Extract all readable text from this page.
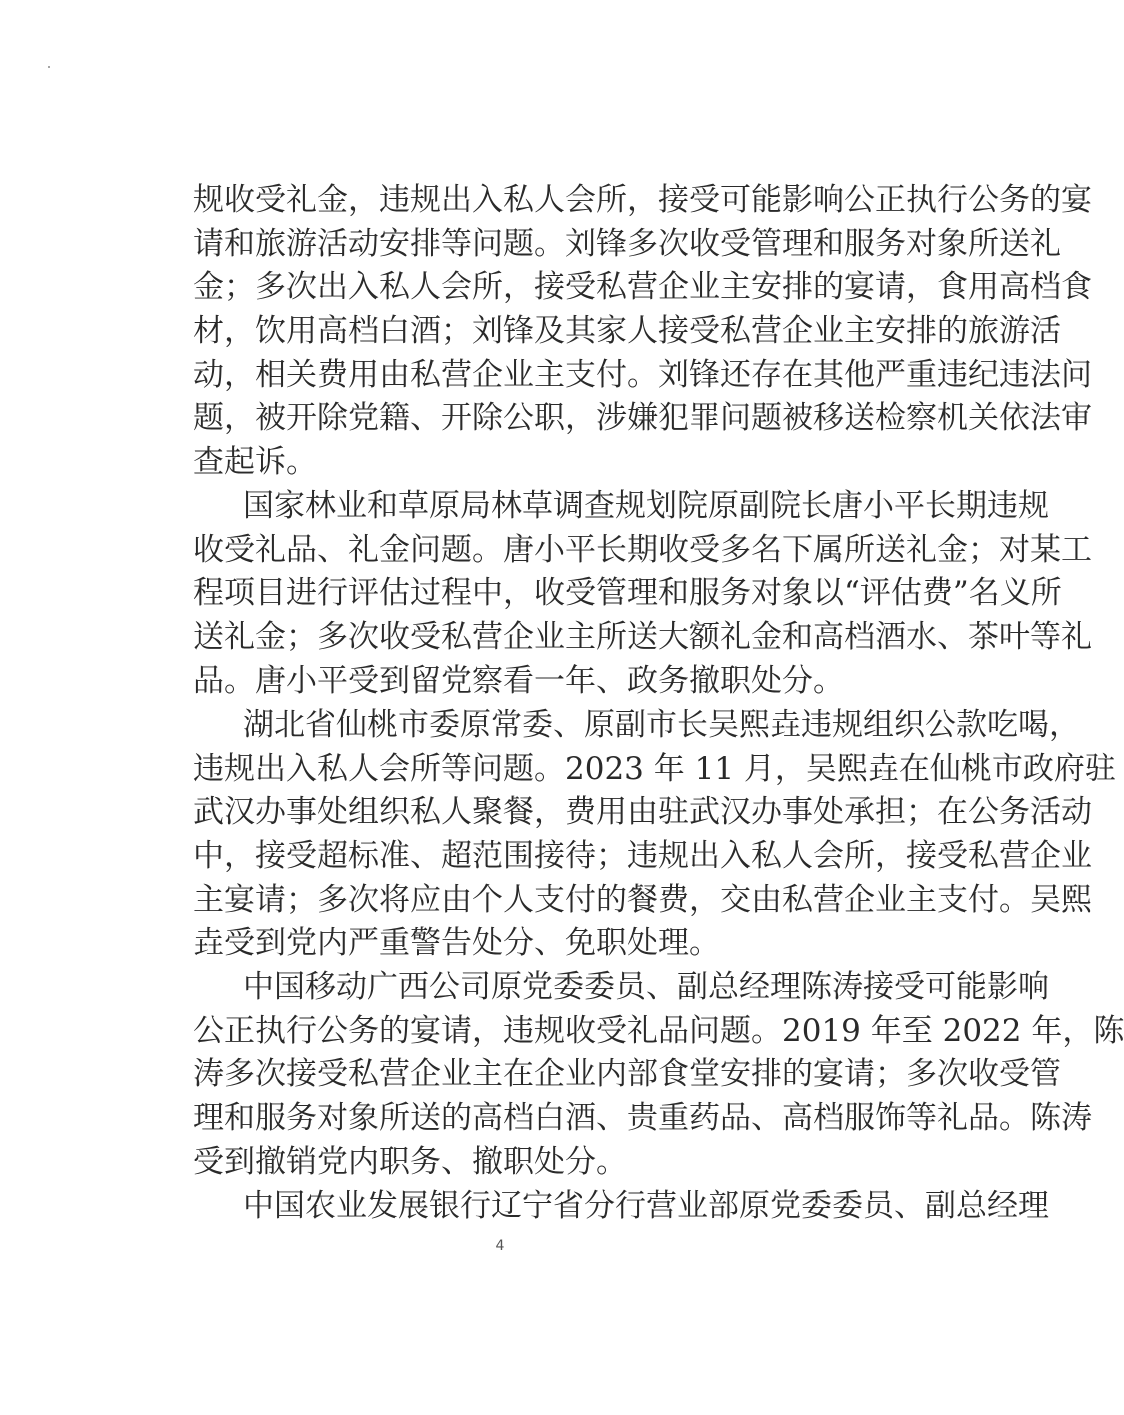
规收受礼金，违规出入私人会所，接受可能影响公正执行公务的宴
请和旅游活动安排等问题。刘锋多次收受管理和服务对象所送礼
金；多次出入私人会所，接受私营企业主安排的宴请，食用高档食
材，饮用高档白酒；刘锋及其家人接受私营企业主安排的旅游活
动，相关费用由私营企业主支付。刘锋还存在其他严重违纪违法问
题，被开除党籍、开除公职，涉嫌犯罪问题被移送检察机关依法审
查起诉。
国家林业和草原局林草调查规划院原副院长唐小平长期违规
收受礼品、礼金问题。唐小平长期收受多名下属所送礼金；对某工
程项目进行评估过程中，收受管理和服务对象以“评估费”名义所
送礼金；多次收受私营企业主所送大额礼金和高档酒水、茶叶等礼
品。唐小平受到留党察看一年、政务撤职处分。
湖北省仙桃市委原常委、原副市长吴熙垚违规组织公款吃喝，
违规出入私人会所等问题。2023 年 11 月，吴熙垚在仙桃市政府驻
武汉办事处组织私人聚餐，费用由驻武汉办事处承担；在公务活动
中，接受超标准、超范围接待；违规出入私人会所，接受私营企业
主宴请；多次将应由个人支付的餐费，交由私营企业主支付。吴熙
垚受到党内严重警告处分、免职处理。
中国移动广西公司原党委委员、副总经理陈涛接受可能影响
公正执行公务的宴请，违规收受礼品问题。2019 年至 2022 年，陈
涛多次接受私营企业主在企业内部食堂安排的宴请；多次收受管
理和服务对象所送的高档白酒、贵重药品、高档服饰等礼品。陈涛
受到撤销党内职务、撤职处分。
中国农业发展银行辽宁省分行营业部原党委委员、副总经理
4
